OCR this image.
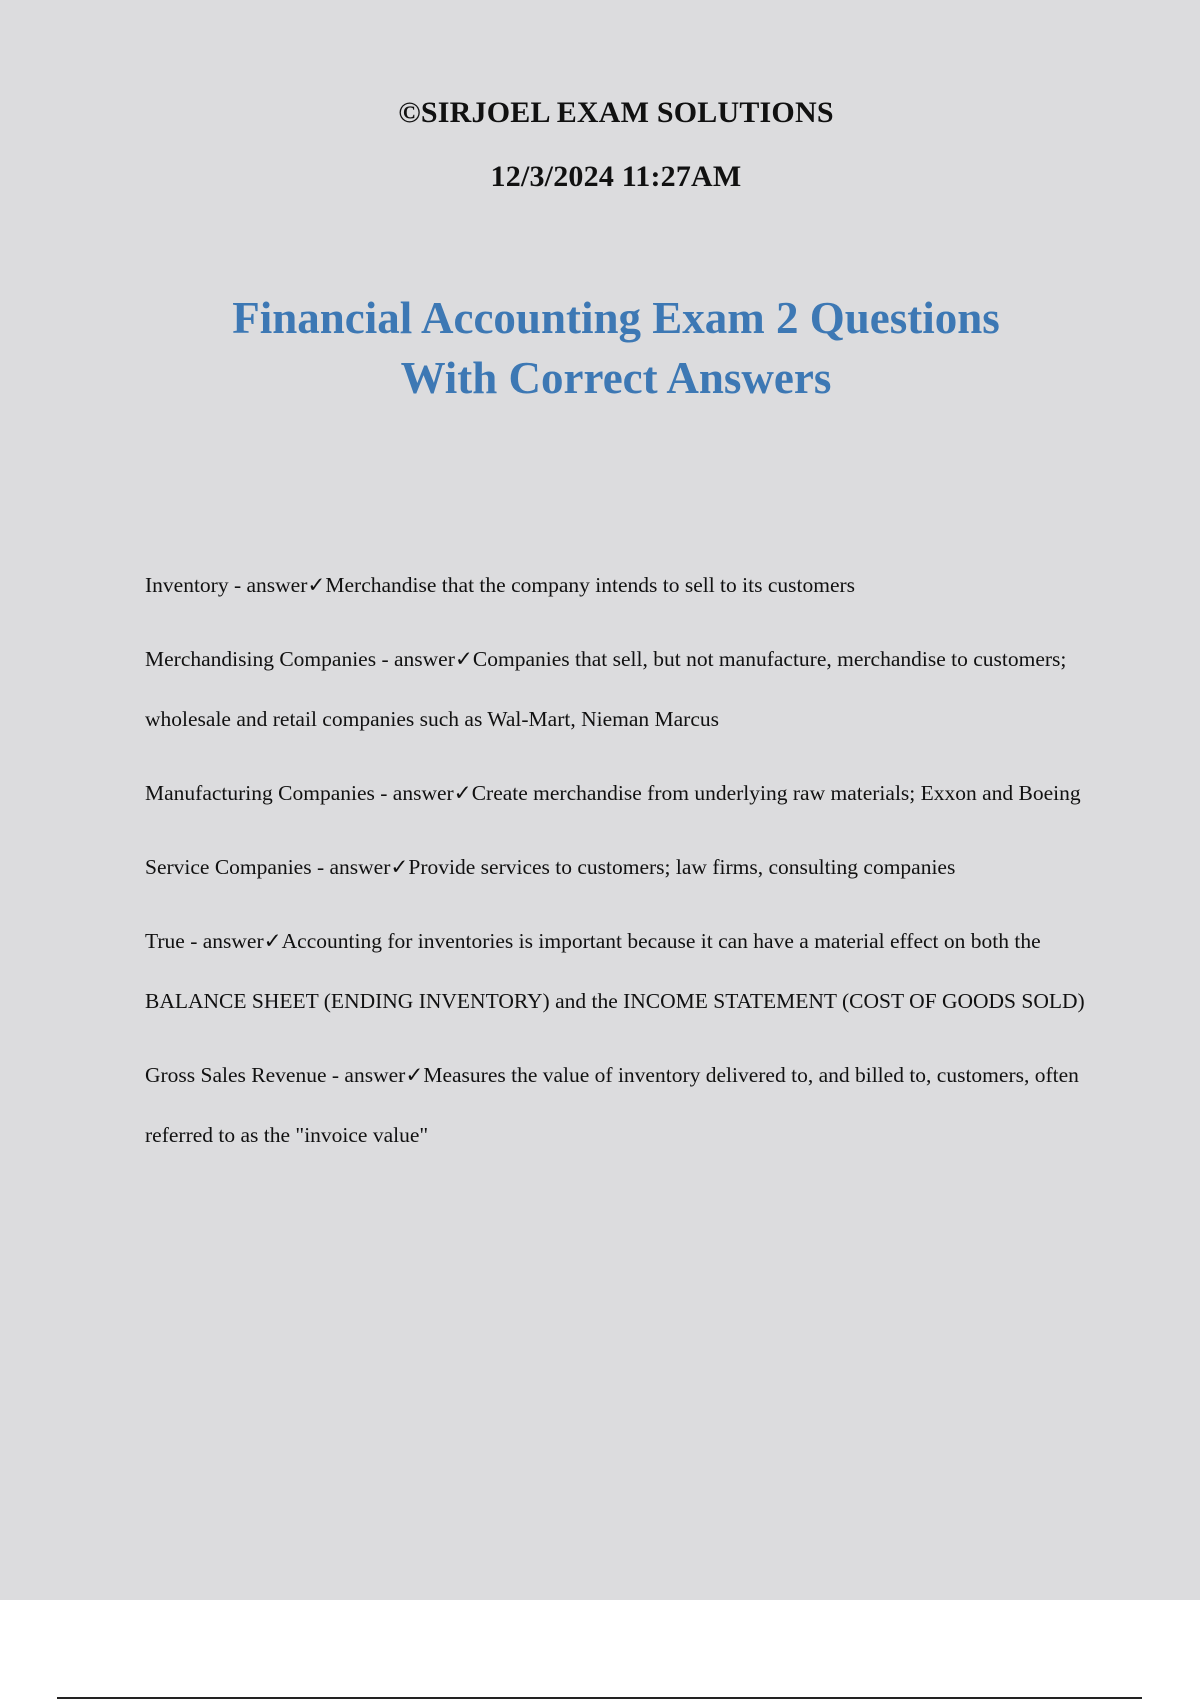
©SIRJOEL EXAM SOLUTIONS
12/3/2024 11:27AM
Financial Accounting Exam 2 Questions
With Correct Answers
Inventory - answer✓Merchandise that the company intends to sell to its customers
Merchandising Companies - answer✓Companies that sell, but not manufacture, merchandise to customers; wholesale and retail companies such as Wal-Mart, Nieman Marcus
Manufacturing Companies - answer✓Create merchandise from underlying raw materials; Exxon and Boeing
Service Companies - answer✓Provide services to customers; law firms, consulting companies
True - answer✓Accounting for inventories is important because it can have a material effect on both the BALANCE SHEET (ENDING INVENTORY) and the INCOME STATEMENT (COST OF GOODS SOLD)
Gross Sales Revenue - answer✓Measures the value of inventory delivered to, and billed to, customers, often referred to as the "invoice value"
